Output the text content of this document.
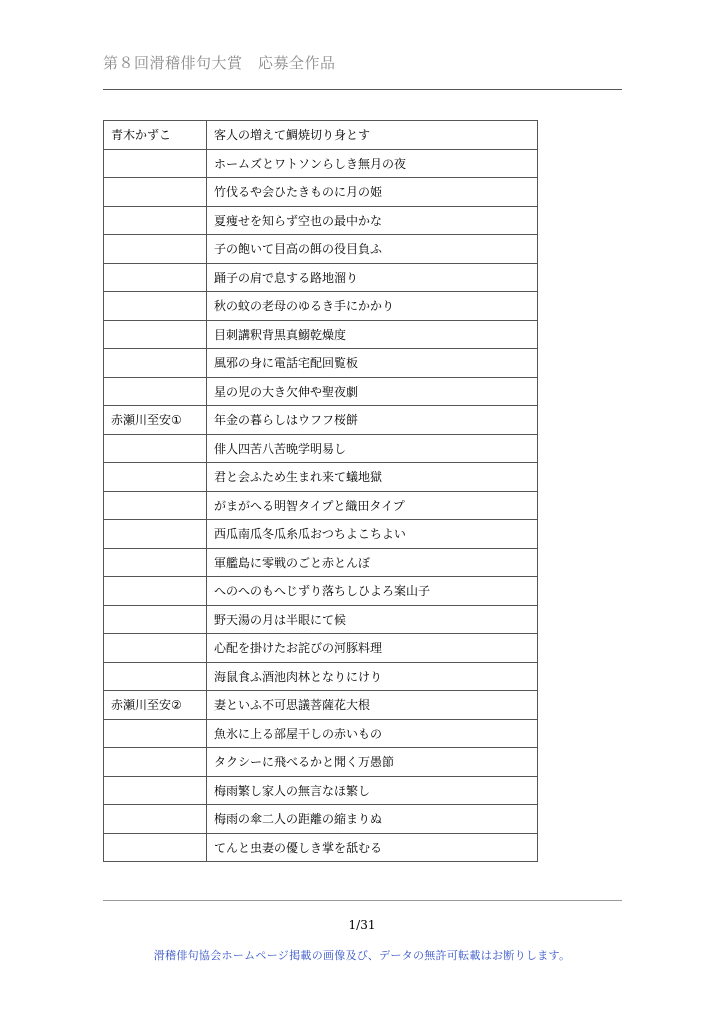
第８回滑稽俳句大賞　応募全作品
青木かずこ	客人の増えて鯛焼切り身とす
	ホームズとワトソンらしき無月の夜
	竹伐るや会ひたきものに月の姫
	夏痩せを知らず空也の最中かな
	子の飽いて目高の餌の役目負ふ
	踊子の肩で息する路地溜り
	秋の蚊の老母のゆるき手にかかり
	目刺講釈背黒真鰯乾燥度
	風邪の身に電話宅配回覧板
	星の児の大き欠伸や聖夜劇
赤瀬川至安①	年金の暮らしはウフフ桜餅
	俳人四苦八苦晩学明易し
	君と会ふため生まれ来て蟻地獄
	がまがへる明智タイプと織田タイプ
	西瓜南瓜冬瓜糸瓜おつちよこちよい
	軍艦島に零戦のごと赤とんぼ
	へのへのもへじずり落ちしひよろ案山子
	野天湯の月は半眼にて候
	心配を掛けたお詫びの河豚料理
	海鼠食ふ酒池肉林となりにけり
赤瀬川至安②	妻といふ不可思議菩薩花大根
	魚氷に上る部屋干しの赤いもの
	タクシーに飛べるかと聞く万愚節
	梅雨繁し家人の無言なほ繁し
	梅雨の傘二人の距離の縮まりぬ
	てんと虫妻の優しき掌を舐むる
1/31
滑稽俳句協会ホームページ掲載の画像及び、データの無許可転載はお断りします。
